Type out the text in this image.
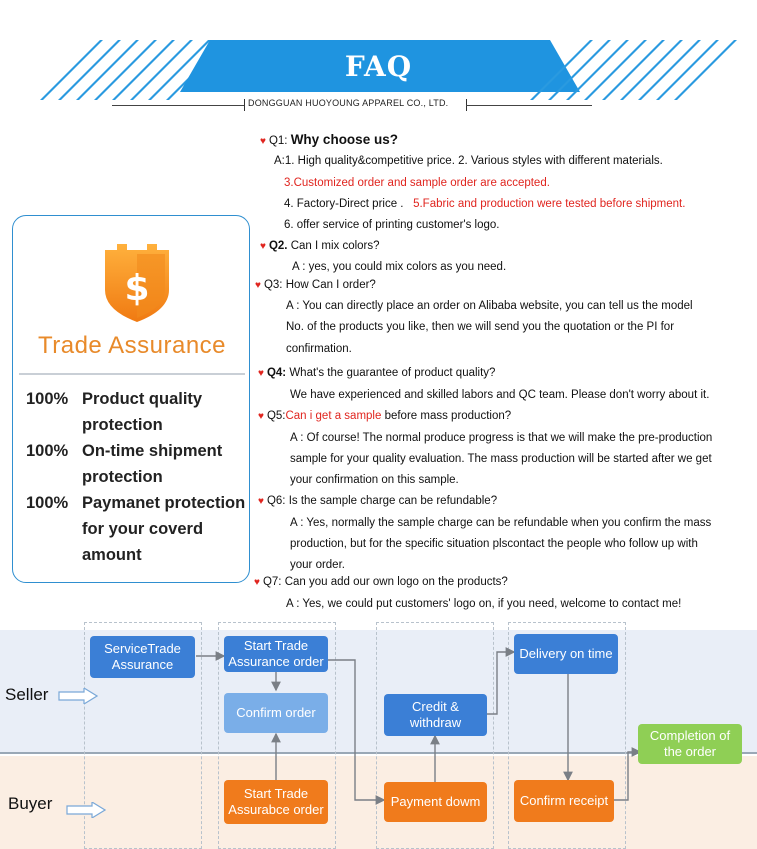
FAQ
DONGGUAN HUOYOUNG APPAREL CO., LTD.
$
Trade Assurance
100% Product quality protection
100% On-time shipment protection
100% Paymanet protection for your coverd amount
♥ Q1: Why choose us?
A:1. High quality&competitive price. 2. Various styles with different materials.
3.Customized order and sample order are accepted.
4. Factory-Direct price . 5.Fabric and production were tested before shipment.
6. offer service of printing customer's logo.
♥ Q2. Can I mix colors?
A : yes, you could mix colors as you need.
♥ Q3: How Can I order?
A : You can directly place an order on Alibaba website, you can tell us the model
No. of the products you like, then we will send you the quotation or the PI for
confirmation.
♥ Q4: What's the guarantee of product quality?
We have experienced and skilled labors and QC team. Please don't worry about it.
♥ Q5:Can i get a sample before mass production?
A : Of course! The normal produce progress is that we will make the pre-production
sample for your quality evaluation. The mass production will be started after we get
your confirmation on this sample.
♥ Q6: Is the sample charge can be refundable?
A : Yes, normally the sample charge can be refundable when you confirm the mass
production, but for the specific situation plscontact the people who follow up with
your order.
♥ Q7: Can you add our own logo on the products?
A : Yes, we could put customers' logo on, if you need, welcome to contact me!
Seller
Buyer
ServiceTrade Assurance
Start Trade Assurance order
Confirm order
Start Trade Assurabce order
Credit & withdraw
Payment dowm
Delivery on time
Confirm receipt
Completion of the order
